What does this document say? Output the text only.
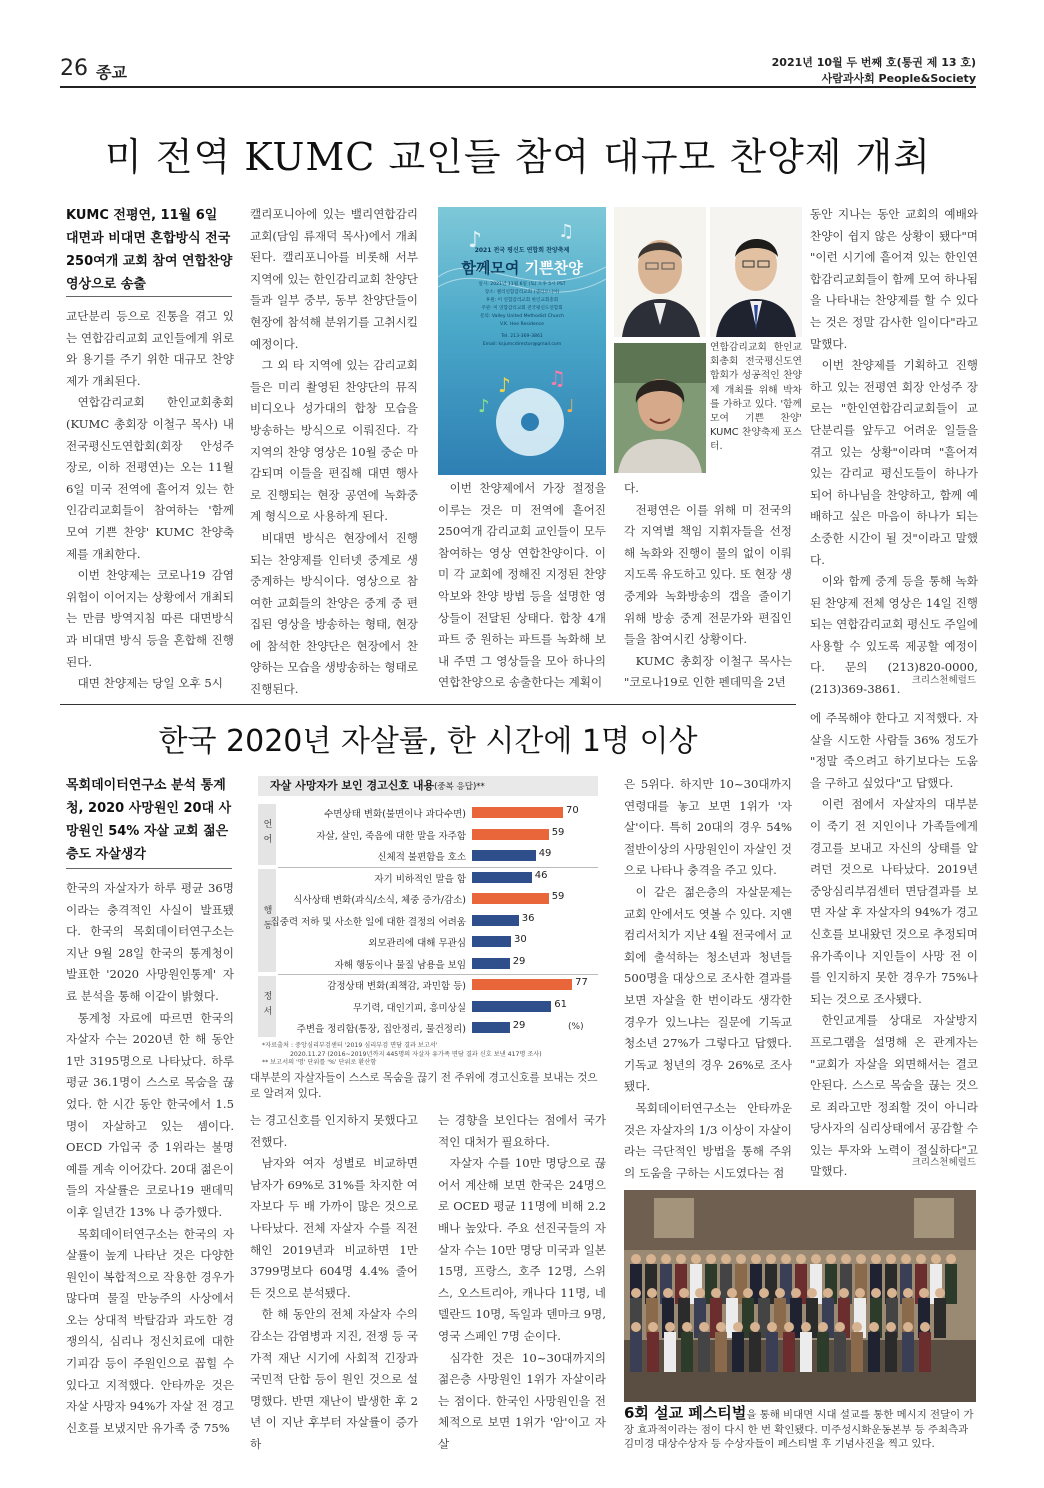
26 종교
2021년 10월 두 번째 호(통권 제 13 호)
사람과사회 People&Society
미 전역 KUMC 교인들 참여 대규모 찬양제 개최
KUMC 전평연, 11월 6일 대면과 비대면 혼합방식 전국 250여개 교회 참여 연합찬양 영상으로 송출

교단분리 등으로 진통을 겪고 있는 연합감리교회 교인들에게 위로와 용기를 주기 위한 대규모 찬양제가 개최된다.

연합감리교회 한인교회총회(KUMC 총회장 이철구 목사) 내 전국평신도연합회(회장 안성주 장로, 이하 전평연)는 오는 11월 6일 미국 전역에 흩어져 있는 한인감리교회들이 참여하는 '함께 모여 기쁜 찬양' KUMC 찬양축제를 개최한다.

이번 찬양제는 코로나19 감염 위험이 이어지는 상황에서 개최되는 만큼 방역지침 따른 대면방식과 비대면 방식 등을 혼합해 진행된다.

대면 찬양제는 당일 오후 5시

캘리포니아에 있는 밸리연합감리교회(담임 류재덕 목사)에서 개최된다. 캘리포니아를 비롯해 서부 지역에 있는 한인감리교회 찬양단들과 일부 중부, 동부 찬양단들이 현장에 참석해 분위기를 고취시킬 예정이다.

그 외 타 지역에 있는 감리교회들은 미리 촬영된 찬양단의 뮤직비디오나 성가대의 합창 모습을 방송하는 방식으로 이뤄진다. 각 지역의 찬양 영상은 10월 중순 마감되며 이들을 편집해 대면 행사로 진행되는 현장 공연에 녹화중계 형식으로 사용하게 된다.

비대면 방식은 현장에서 진행되는 찬양제를 인터넷 중계로 생중계하는 방식이다. 영상으로 참여한 교회들의 찬양은 중계 중 편집된 영상을 방송하는 형태, 현장에 참석한 찬양단은 현장에서 찬양하는 모습을 생방송하는 형태로 진행된다.

♪	♫
♪ ♫
♪	♩
2021 전국 평신도 연합회 찬양축제
함께모여 기쁜찬양
일시: 2021년 11월 6일 (토) 오후 5시 PST
장소: 밸리연합감리교회 (캘리포니아)
후원: 미 연합감리교회 한인교회총회
주관: 미 연합감리교회 전국평신도연합회
문의: Valley United Methodist Church
V.K. Hee Residence
Tel. 213-369-3861
Email: ksjumcdirector@gmail.com	연합감리교회 한인교회총회 전국평신도연합회가 성공적인 찬양제 개최를 위해 박차를 가하고 있다. '함께 모여 기쁜 찬양' KUMC 찬양축제 포스터.

이번 찬양제에서 가장 절정을 이루는 것은 미 전역에 흩어진 250여개 감리교회 교인들이 모두 참여하는 영상 연합찬양이다. 이미 각 교회에 정해진 지정된 찬양 악보와 찬양 방법 등을 설명한 영상들이 전달된 상태다. 합창 4개 파트 중 원하는 파트를 녹화해 보내 주면 그 영상들을 모아 하나의 연합찬양으로 송출한다는 계획이

다.

전평연은 이를 위해 미 전국의 각 지역별 책임 지휘자들을 선정해 녹화와 진행이 물의 없이 이뤄지도록 유도하고 있다. 또 현장 생중계와 녹화방송의 갭을 줄이기 위해 방송 중계 전문가와 편집인들을 참여시킨 상황이다.

KUMC 총회장 이철구 목사는 "코로나19로 인한 펜데믹을 2년

동안 지나는 동안 교회의 예배와 찬양이 쉽지 않은 상황이 됐다"며 "이런 시기에 흩어져 있는 한인연합감리교회들이 함께 모여 하나됨을 나타내는 찬양제를 할 수 있다는 것은 정말 감사한 일이다"라고 말했다.

이번 찬양제를 기획하고 진행하고 있는 전평연 회장 안성주 장로는 "한인연합감리교회들이 교단분리를 앞두고 어려운 일들을 겪고 있는 상황"이라며 "흩어져 있는 감리교 평신도들이 하나가 되어 하나님을 찬양하고, 함께 예배하고 싶은 마음이 하나가 되는 소중한 시간이 될 것"이라고 말했다.

이와 함께 중계 등을 통해 녹화된 찬양제 전체 영상은 14일 진행되는 연합감리교회 평신도 주일에 사용할 수 있도록 제공할 예정이다. 문의 (213)820-0000, (213)369-3861.

크리스천헤럴드
한국 2020년 자살률, 한 시간에 1명 이상
목회데이터연구소 분석 통계청, 2020 사망원인 20대 사망원인 54% 자살 교회 젊은층도 자살생각

한국의 자살자가 하루 평균 36명이라는 충격적인 사실이 발표됐다. 한국의 목회데이터연구소는 지난 9월 28일 한국의 통계청이 발표한 '2020 사망원인통계' 자료 분석을 통해 이같이 밝혔다.

통계청 자료에 따르면 한국의 자살자 수는 2020년 한 해 동안 1만 3195명으로 나타났다. 하루 평균 36.1명이 스스로 목숨을 끊었다. 한 시간 동안 한국에서 1.5명이 자살하고 있는 셈이다. OECD 가입국 중 1위라는 불명예를 계속 이어갔다. 20대 젊은이들의 자살률은 코로나19 팬데믹 이후 일년간 13% 나 증가했다.

목회데이터연구소는 한국의 자살률이 높게 나타난 것은 다양한 원인이 복합적으로 작용한 경우가 많다며 물질 만능주의 사상에서 오는 상대적 박탈감과 과도한 경쟁의식, 심리나 정신치료에 대한 기피감 등이 주원인으로 꼽힐 수 있다고 지적했다. 안타까운 것은 자살 사망자 94%가 자살 전 경고신호를 보냈지만 유가족 중 75%

자살 사망자가 보인 경고신호 내용(중복 응답)**
언어
수면상태 변화(불면이나 과다수면)	70
자살, 살인, 죽음에 대한 말을 자주함	59
신체적 불편함을 호소	49
행동
자기 비하적인 말을 함	46
식사상태 변화(과식/소식, 체중 증가/감소)	59
집중력 저하 및 사소한 일에 대한 결정의 어려움	36
외모관리에 대해 무관심	30
자해 행동이나 물질 남용을 보임	29
정서
감정상태 변화(죄책감, 과민함 등)	77
무기력, 대인기피, 흥미상실	61
주변을 정리함(통장, 집안정리, 물건정리)	29	(%)
*자료출처 : 중앙심리부검센터 '2019 심리부검 면담 결과 보고서'
2020.11.27 (2016~2019년까지 445명의 자살자 유가족 면담 결과 신호 보낸 417명 조사)
** 보고서의 '명' 단위를 '%' 단위로 환산함
대부분의 자살자들이 스스로 목숨을 끊기 전 주위에 경고신호를 보내는 것으로 알려져 있다.

는 경고신호를 인지하지 못했다고 전했다.

남자와 여자 성별로 비교하면 남자가 69%로 31%를 차지한 여자보다 두 배 가까이 많은 것으로 나타났다. 전체 자살자 수를 직전해인 2019년과 비교하면 1만 3799명보다 604명 4.4% 줄어든 것으로 분석됐다.

한 해 동안의 전체 자살자 수의 감소는 감염병과 지진, 전쟁 등 국가적 재난 시기에 사회적 긴장과 국민적 단합 등이 원인 것으로 설명했다. 반면 재난이 발생한 후 2년 이 지난 후부터 자살률이 증가하

는 경향을 보인다는 점에서 국가적인 대처가 필요하다.

자살자 수를 10만 명당으로 끊어서 계산해 보면 한국은 24명으로 OCED 평균 11명에 비해 2.2배나 높았다. 주요 선진국들의 자살자 수는 10만 명당 미국과 일본 15명, 프랑스, 호주 12명, 스위스, 오스트리아, 캐나다 11명, 네델란드 10명, 독일과 덴마크 9명, 영국 스페인 7명 순이다.

심각한 것은 10~30대까지의 젊은층 사망원인 1위가 자살이라는 점이다. 한국인 사망원인을 전체적으로 보면 1위가 '암'이고 자살

은 5위다. 하지만 10~30대까지 연령대를 놓고 보면 1위가 '자살'이다. 특히 20대의 경우 54% 절반이상의 사망원인이 자살인 것으로 나타나 충격을 주고 있다.

이 같은 젊은층의 자살문제는 교회 안에서도 엿볼 수 있다. 지앤컴리서치가 지난 4월 전국에서 교회에 출석하는 청소년과 청년들 500명을 대상으로 조사한 결과를 보면 자살을 한 번이라도 생각한 경우가 있느냐는 질문에 기독교 청소년 27%가 그렇다고 답했다. 기독교 청년의 경우 26%로 조사됐다.

목회데이터연구소는 안타까운 것은 자살자의 1/3 이상이 자살이라는 극단적인 방법을 통해 주위의 도움을 구하는 시도였다는 점

에 주목해야 한다고 지적했다. 자살을 시도한 사람들 36% 정도가 "정말 죽으려고 하기보다는 도움을 구하고 싶었다"고 답했다.

이런 점에서 자살자의 대부분이 죽기 전 지인이나 가족들에게 경고를 보내고 자신의 상태를 알려던 것으로 나타났다. 2019년 중앙심리부검센터 면담결과를 보면 자살 후 자살자의 94%가 경고 신호를 보내왔던 것으로 추정되며 유가족이나 지인들이 사망 전 이를 인지하지 못한 경우가 75%나 되는 것으로 조사됐다.

한인교계를 상대로 자살방지 프로그램을 설명해 온 관계자는 "교회가 자살을 외면해서는 결코 안된다. 스스로 목숨을 끊는 것으로 죄라고만 정죄할 것이 아니라 당사자의 심리상태에서 공감할 수 있는 투자와 노력이 절실하다"고 말했다.

크리스천헤럴드
6회 설교 페스티벌을 통해 비대면 시대 설교를 통한 메시지 전달이 가장 효과적이라는 점이 다시 한 번 확인됐다. 미주성시화운동본부 등 주최측과 김미경 대상수상자 등 수상자들이 페스티벌 후 기념사진을 찍고 있다.
